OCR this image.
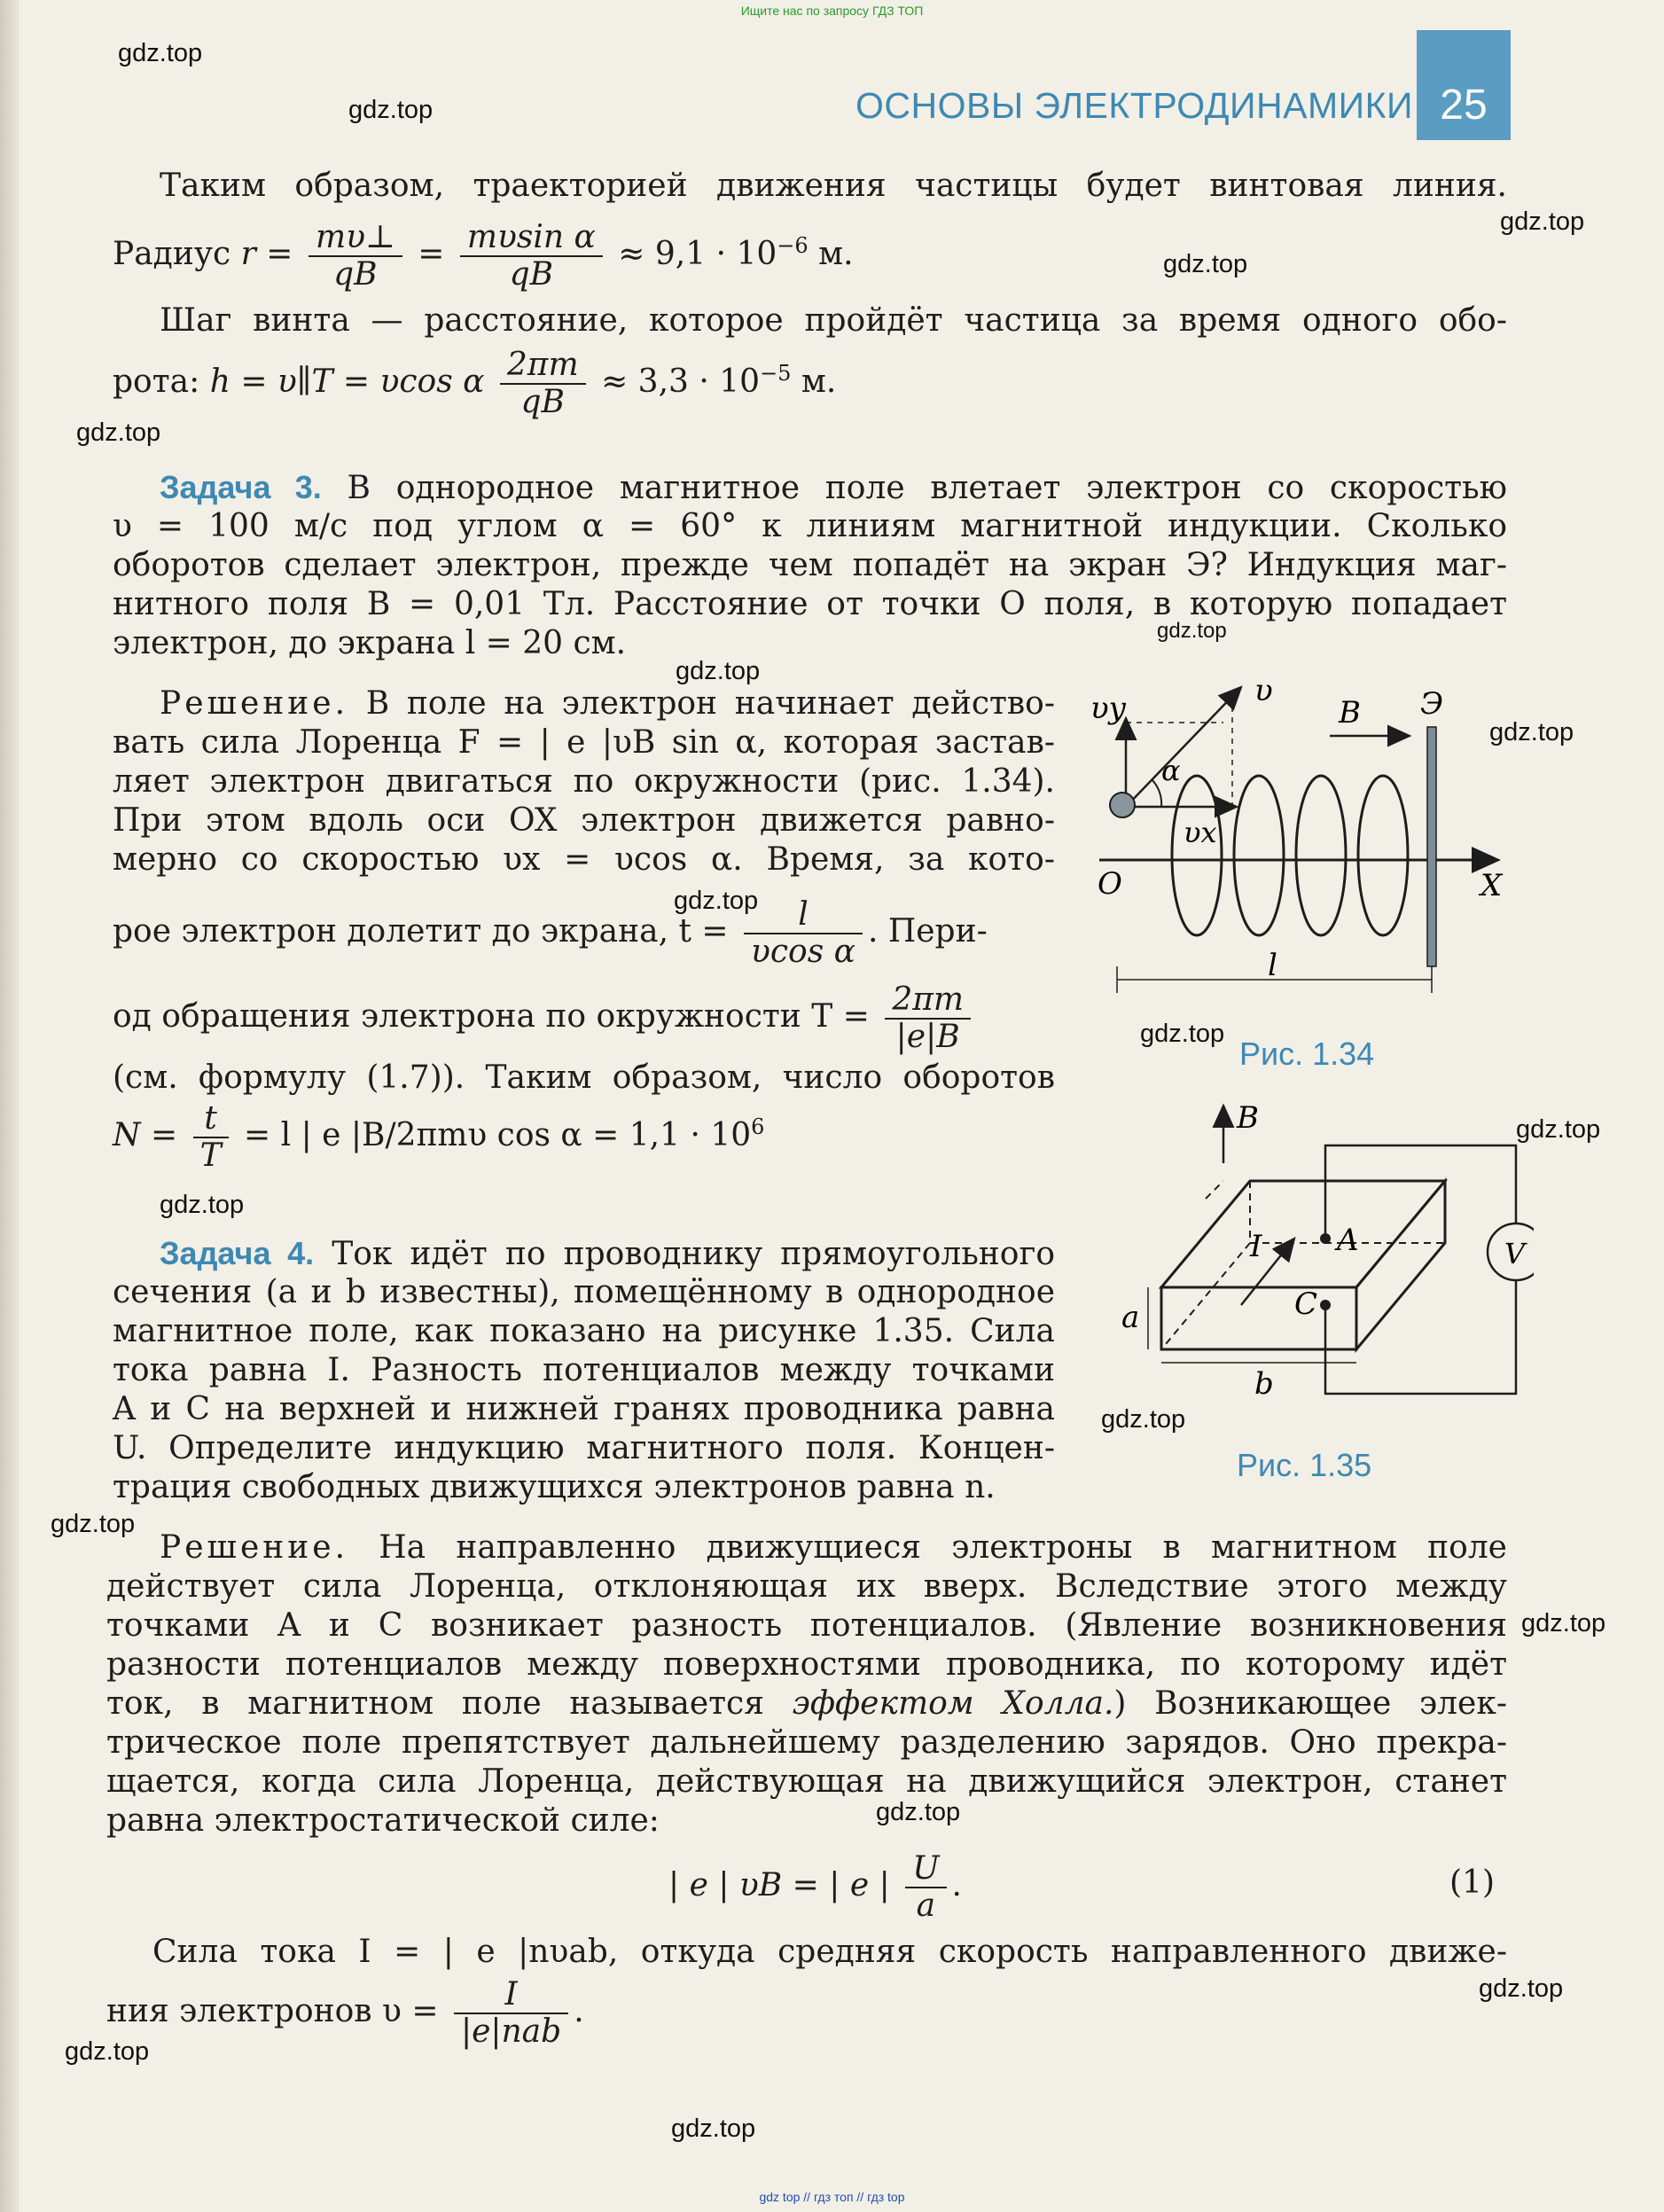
Ищите нас по запросу ГДЗ ТОП
gdz.top
gdz.top
gdz.top
gdz.top
gdz.top
gdz.top
gdz.top
gdz.top
gdz.top
gdz.top
gdz.top
gdz.top
gdz.top
gdz.top
gdz.top
gdz.top
gdz.top
gdz.top
gdz.top
ОСНОВЫ ЭЛЕКТРОДИНАМИКИ 25
Таким образом, траекторией движения частицы будет винтовая линия.
Радиус $r = \frac{m\upsilon\perp}{qB} = \frac{\text{mυsin α}}{qB} \approx 9,1 \cdot 10^{-6}$ м.
Шаг винта — расстояние, которое пройдёт частица за время одного обо-
рота: h = υ∥T = υcos α $\frac{2\pi m}{qB} \approx 3,3 \cdot 10^{-5}$ м.
Задача 3. В однородное магнитное поле влетает электрон со скоростью
υ = 100 м/с под углом α = 60° к линиям магнитной индукции. Сколько
оборотов сделает электрон, прежде чем попадёт на экран Э? Индукция маг-
нитного поля B = 0,01 Тл. Расстояние от точки O поля, в которую попадает
электрон, до экрана l = 20 см.
Решение. В поле на электрон начинает действо-
вать сила Лоренца F = | e |υB sin α, которая застав-
ляет электрон двигаться по окружности (рис. 1.34).
При этом вдоль оси OX электрон движется равно-
мерно со скоростью υx = υcos α. Время, за кото-
рое электрон долетит до экрана, $t = \frac{l}{\text{υcos α}}$ . Пери-
од обращения электрона по окружности $T = \frac{2\pi m}{|e|B}$
(см. формулу (1.7)). Таким образом, число оборотов
$N = \frac{t}{T} = l$ | e |B/2πmυ $\cos \alpha = 1,1 \cdot 10^6$
Задача 4. Ток идёт по проводнику прямоугольного
сечения (a и b известны), помещённому в однородное
магнитное поле, как показано на рисунке 1.35. Сила
тока равна I. Разность потенциалов между точками
A и C на верхней и нижней гранях проводника равна
U. Определите индукцию магнитного поля. Концен-
трация свободных движущихся электронов равна n.
Решение. На направленно движущиеся электроны в магнитном поле
действует сила Лоренца, отклоняющая их вверх. Вследствие этого между
точками A и C возникает разность потенциалов. (Явление возникновения
разности потенциалов между поверхностями проводника, по которому идёт
ток, в магнитном поле называется эффектом Холла.) Возникающее элек-
трическое поле препятствует дальнейшему разделению зарядов. Оно прекра-
щается, когда сила Лоренца, действующая на движущийся электрон, станет
равна электростатической силе:
| e | υB = | e | $\frac{U}{a}$ .	(1)
Сила тока I = | e |nυab, откуда средняя скорость направленного движе-
ния электронов $\upsilon = \frac{I}{\text{|e|nab}}$ .
υy	υ
B Э
α
υx
O	X
l
Рис. 1.34
B
A
I	V
C
a
b
Рис. 1.35
gdz top // гдз топ // гдз top
